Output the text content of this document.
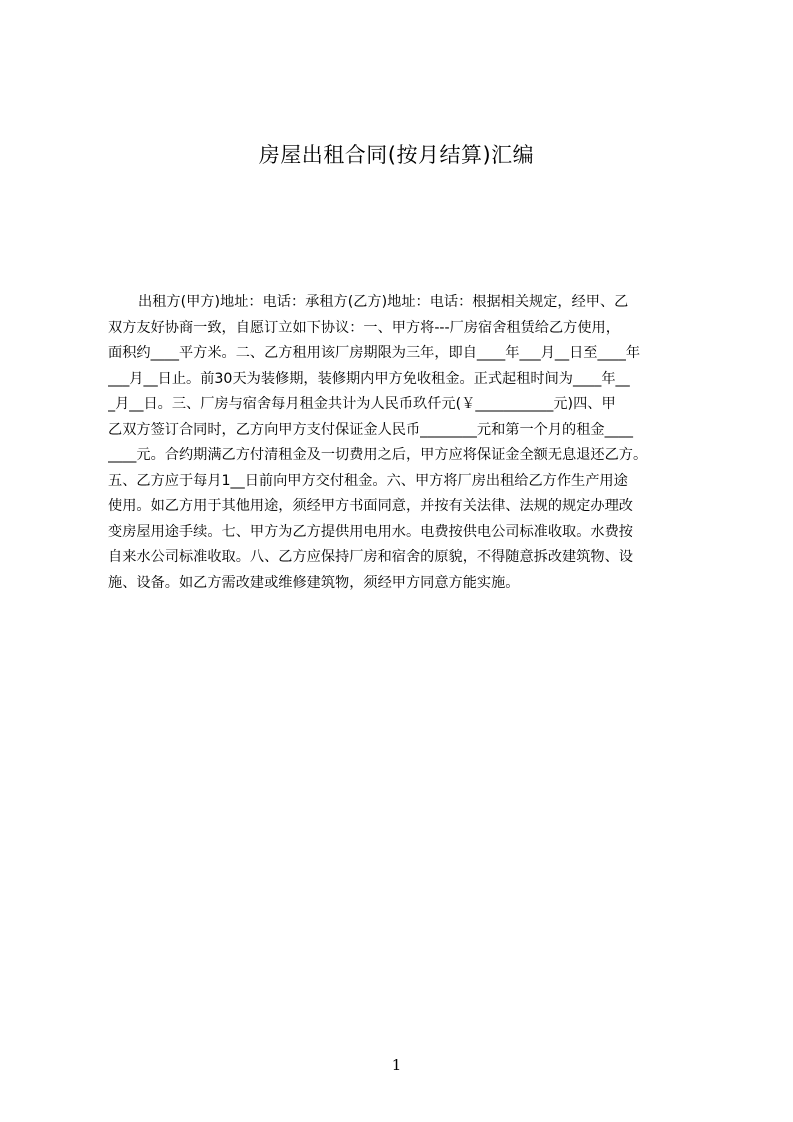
房屋出租合同(按月结算)汇编
出租方(甲方)地址：电话：承租方(乙方)地址：电话：根据相关规定，经甲、乙
双方友好协商一致，自愿订立如下协议：一、甲方将---厂房宿舍租赁给乙方使用，
面积约____平方米。二、乙方租用该厂房期限为三年，即自____年___月__日至____年
___月__日止。前30天为装修期，装修期内甲方免收租金。正式起租时间为____年__
_月__日。三、厂房与宿舍每月租金共计为人民币玖仟元(￥___________元)四、甲
乙双方签订合同时，乙方向甲方支付保证金人民币________元和第一个月的租金____
____元。合约期满乙方付清租金及一切费用之后，甲方应将保证金全额无息退还乙方。
五、乙方应于每月1__日前向甲方交付租金。六、甲方将厂房出租给乙方作生产用途
使用。如乙方用于其他用途，须经甲方书面同意，并按有关法律、法规的规定办理改
变房屋用途手续。七、甲方为乙方提供用电用水。电费按供电公司标准收取。水费按
自来水公司标准收取。八、乙方应保持厂房和宿舍的原貌，不得随意拆改建筑物、设
施、设备。如乙方需改建或维修建筑物，须经甲方同意方能实施。
1
